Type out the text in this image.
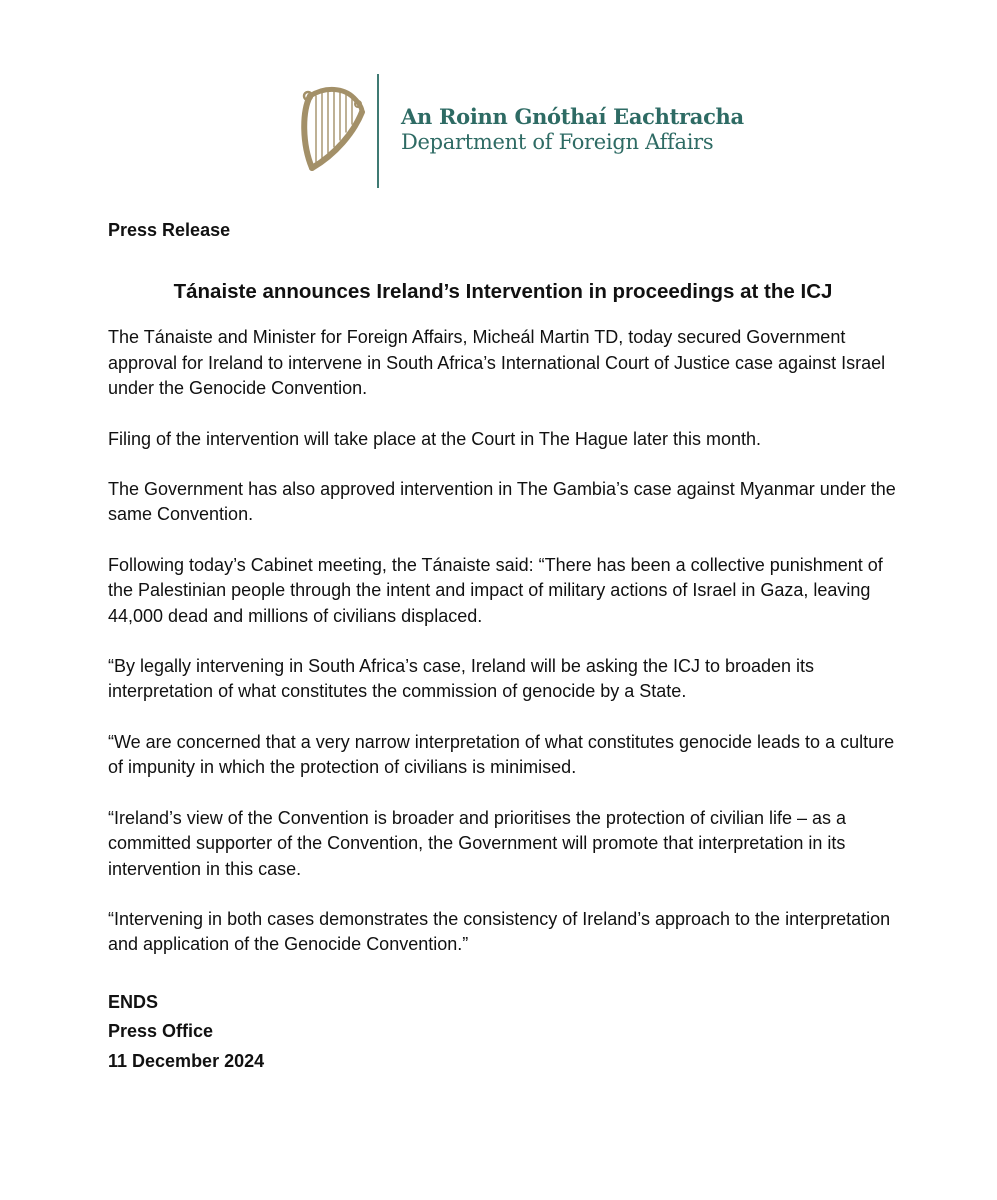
An Roinn Gnóthaí Eachtracha
Department of Foreign Affairs

Press Release

Tánaiste announces Ireland’s Intervention in proceedings at the ICJ

The Tánaiste and Minister for Foreign Affairs, Micheál Martin TD, today secured Government approval for Ireland to intervene in South Africa’s International Court of Justice case against Israel under the Genocide Convention.

Filing of the intervention will take place at the Court in The Hague later this month.

The Government has also approved intervention in The Gambia’s case against Myanmar under the same Convention.

Following today’s Cabinet meeting, the Tánaiste said: “There has been a collective punishment of the Palestinian people through the intent and impact of military actions of Israel in Gaza, leaving 44,000 dead and millions of civilians displaced.

“By legally intervening in South Africa’s case, Ireland will be asking the ICJ to broaden its interpretation of what constitutes the commission of genocide by a State.

“We are concerned that a very narrow interpretation of what constitutes genocide leads to a culture of impunity in which the protection of civilians is minimised.

“Ireland’s view of the Convention is broader and prioritises the protection of civilian life – as a committed supporter of the Convention, the Government will promote that interpretation in its intervention in this case.

“Intervening in both cases demonstrates the consistency of Ireland’s approach to the interpretation and application of the Genocide Convention.”

ENDS
Press Office
11 December 2024
